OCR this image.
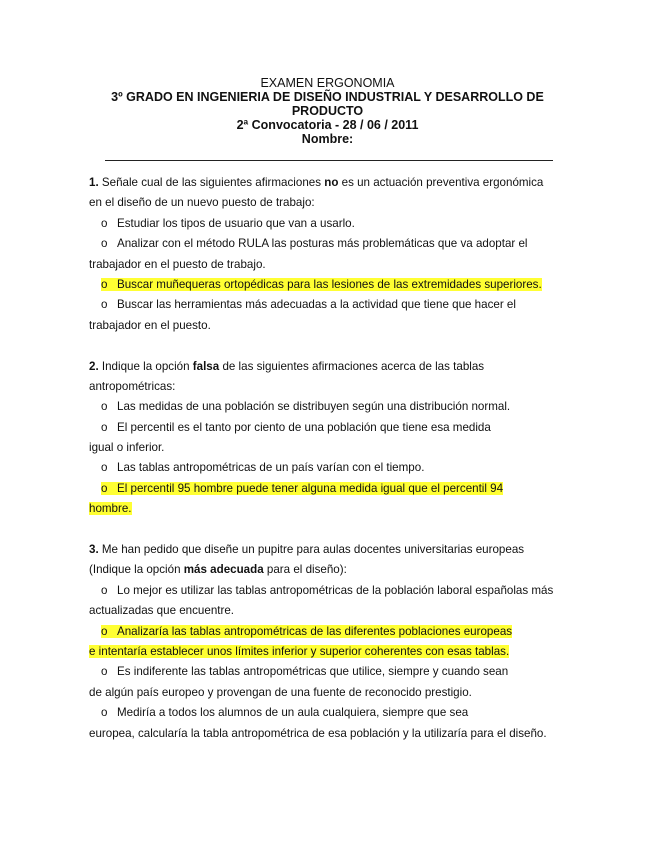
EXAMEN ERGONOMIA
3º GRADO EN INGENIERIA DE DISEÑO INDUSTRIAL Y DESARROLLO DE
PRODUCTO
2ª Convocatoria - 28 / 06 / 2011
Nombre:
1. Señale cual de las siguientes afirmaciones no es un actuación preventiva ergonómica
en el diseño de un nuevo puesto de trabajo:
o Estudiar los tipos de usuario que van a usarlo.
o Analizar con el método RULA las posturas más problemáticas que va adoptar el
trabajador en el puesto de trabajo.
o Buscar muñequeras ortopédicas para las lesiones de las extremidades superiores.
o Buscar las herramientas más adecuadas a la actividad que tiene que hacer el
trabajador en el puesto.
2. Indique la opción falsa de las siguientes afirmaciones acerca de las tablas
antropométricas:
o Las medidas de una población se distribuyen según una distribución normal.
o El percentil es el tanto por ciento de una población que tiene esa medida
igual o inferior.
o Las tablas antropométricas de un país varían con el tiempo.
o El percentil 95 hombre puede tener alguna medida igual que el percentil 94
hombre.
3. Me han pedido que diseñe un pupitre para aulas docentes universitarias europeas
(Indique la opción más adecuada para el diseño):
o Lo mejor es utilizar las tablas antropométricas de la población laboral españolas más
actualizadas que encuentre.
o Analizaría las tablas antropométricas de las diferentes poblaciones europeas
e intentaría establecer unos límites inferior y superior coherentes con esas tablas.
o Es indiferente las tablas antropométricas que utilice, siempre y cuando sean
de algún país europeo y provengan de una fuente de reconocido prestigio.
o Mediría a todos los alumnos de un aula cualquiera, siempre que sea
europea, calcularía la tabla antropométrica de esa población y la utilizaría para el diseño.
